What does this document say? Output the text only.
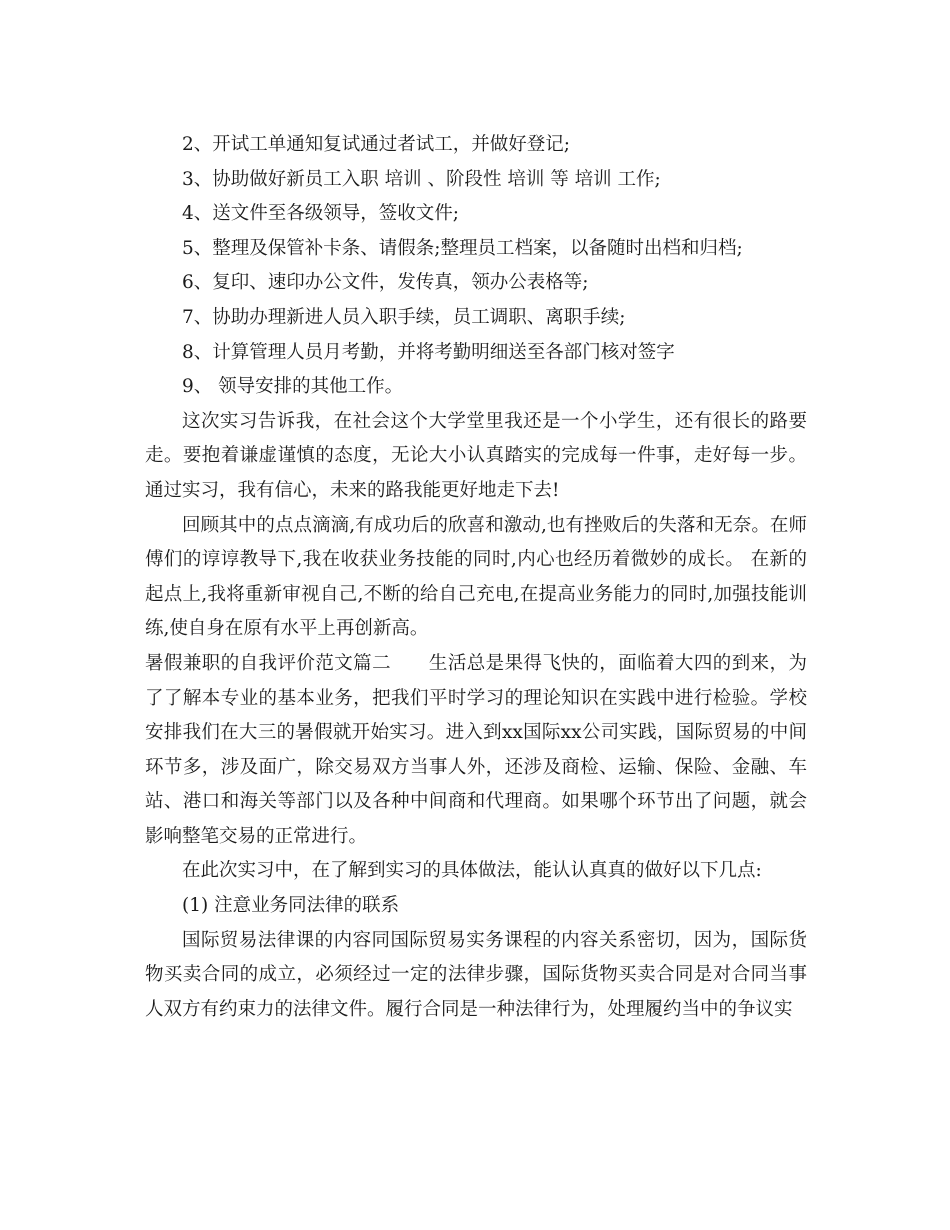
2、开试工单通知复试通过者试工，并做好登记;
3、协助做好新员工入职 培训 、阶段性 培训 等 培训 工作;
4、送文件至各级领导，签收文件;
5、整理及保管补卡条、请假条;整理员工档案，以备随时出档和归档;
6、复印、速印办公文件，发传真，领办公表格等;
7、协助办理新进人员入职手续，员工调职、离职手续;
8、计算管理人员月考勤，并将考勤明细送至各部门核对签字
9、 领导安排的其他工作。

这次实习告诉我，在社会这个大学堂里我还是一个小学生，还有很长的路要走。要抱着谦虚谨慎的态度，无论大小认真踏实的完成每一件事，走好每一步。通过实习，我有信心，未来的路我能更好地走下去!

回顾其中的点点滴滴,有成功后的欣喜和激动,也有挫败后的失落和无奈。在师傅们的谆谆教导下,我在收获业务技能的同时,内心也经历着微妙的成长。 在新的起点上,我将重新审视自己,不断的给自己充电,在提高业务能力的同时,加强技能训练,使自身在原有水平上再创新高。

暑假兼职的自我评价范文篇二　　生活总是果得飞快的，面临着大四的到来，为了了解本专业的基本业务，把我们平时学习的理论知识在实践中进行检验。学校安排我们在大三的暑假就开始实习。进入到xx国际xx公司实践，国际贸易的中间环节多，涉及面广，除交易双方当事人外，还涉及商检、运输、保险、金融、车站、港口和海关等部门以及各种中间商和代理商。如果哪个环节出了问题，就会影响整笔交易的正常进行。

在此次实习中，在了解到实习的具体做法，能认认真真的做好以下几点:

(1) 注意业务同法律的联系

国际贸易法律课的内容同国际贸易实务课程的内容关系密切，因为，国际货物买卖合同的成立，必须经过一定的法律步骤，国际货物买卖合同是对合同当事人双方有约束力的法律文件。履行合同是一种法律行为，处理履约当中的争议实
